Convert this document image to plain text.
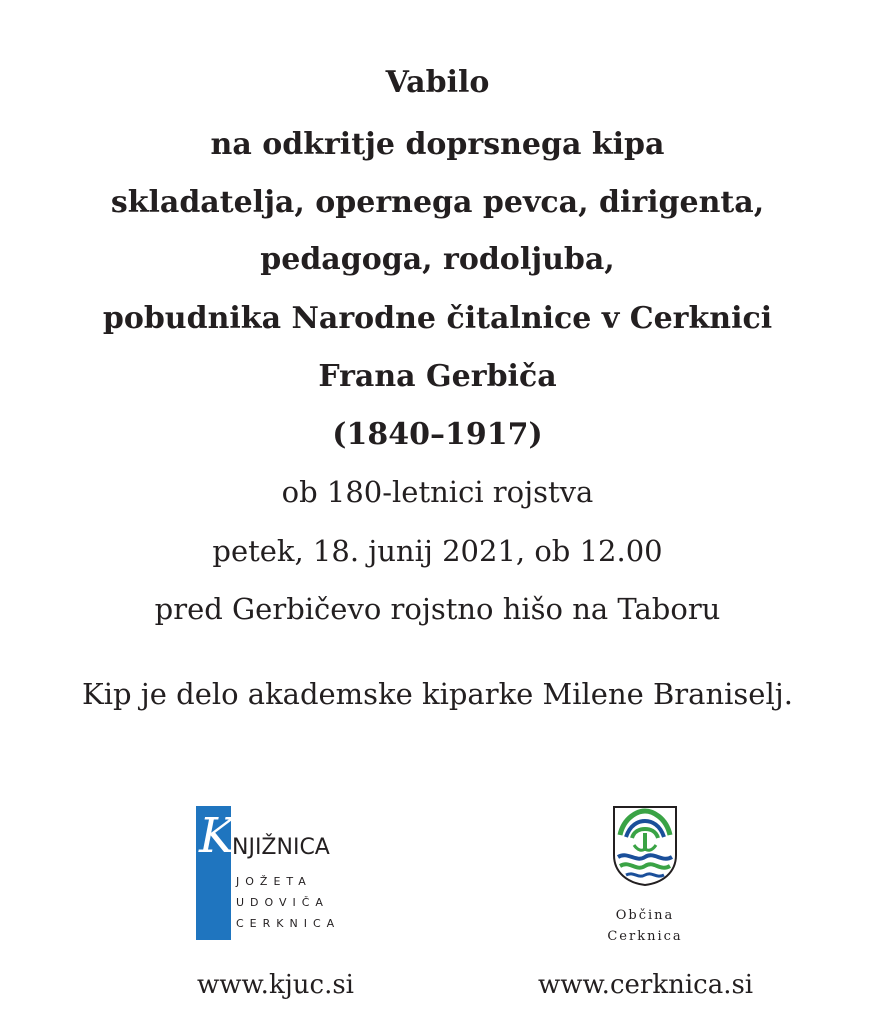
Vabilo
na odkritje doprsnega kipa
skladatelja, opernega pevca, dirigenta,
pedagoga, rodoljuba,
pobudnika Narodne čitalnice v Cerknici
Frana Gerbiča
(1840–1917)
ob 180-letnici rojstva
petek, 18. junij 2021, ob 12.00
pred Gerbičevo rojstno hišo na Taboru
Kip je delo akademske kiparke Milene Braniselj.
K
NJIŽNICA
JOŽETA
UDOVIČA
CERKNICA
Občina
Cerknica
www.kjuc.si	www.cerknica.si
